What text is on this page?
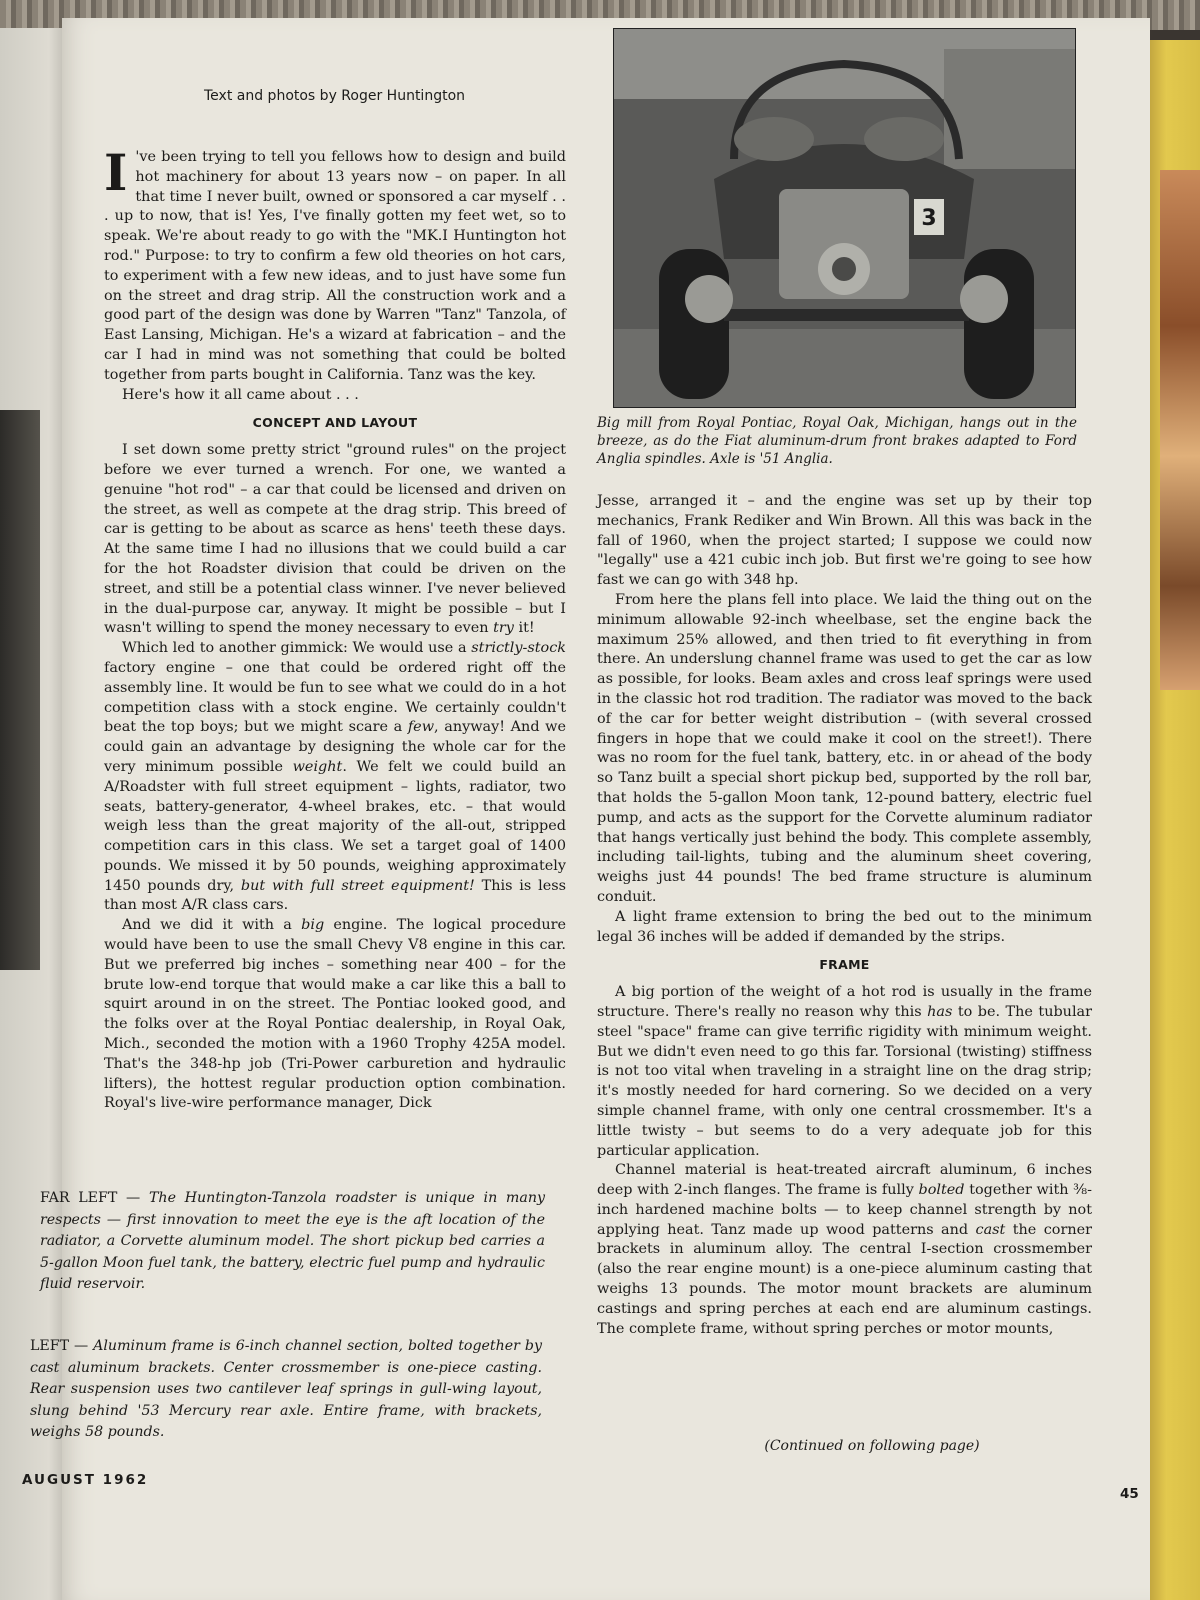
Text and photos by Roger Huntington

I 've been trying to tell you fellows how to design and build hot machinery for about 13 years now – on paper. In all that time I never built, owned or sponsored a car myself . . . up to now, that is! Yes, I've finally gotten my feet wet, so to speak. We're about ready to go with the "MK.I Huntington hot rod." Purpose: to try to confirm a few old theories on hot cars, to experiment with a few new ideas, and to just have some fun on the street and drag strip. All the construction work and a good part of the design was done by Warren "Tanz" Tanzola, of East Lansing, Michigan. He's a wizard at fabrication – and the car I had in mind was not something that could be bolted together from parts bought in California. Tanz was the key.

Here's how it all came about . . .

CONCEPT AND LAYOUT

I set down some pretty strict "ground rules" on the project before we ever turned a wrench. For one, we wanted a genuine "hot rod" – a car that could be licensed and driven on the street, as well as compete at the drag strip. This breed of car is getting to be about as scarce as hens' teeth these days. At the same time I had no illusions that we could build a car for the hot Roadster division that could be driven on the street, and still be a potential class winner. I've never believed in the dual-purpose car, anyway. It might be possible – but I wasn't willing to spend the money necessary to even try it!

Which led to another gimmick: We would use a strictly-stock factory engine – one that could be ordered right off the assembly line. It would be fun to see what we could do in a hot competition class with a stock engine. We certainly couldn't beat the top boys; but we might scare a few, anyway! And we could gain an advantage by designing the whole car for the very minimum possible weight. We felt we could build an A/Roadster with full street equipment – lights, radiator, two seats, battery-generator, 4-wheel brakes, etc. – that would weigh less than the great majority of the all-out, stripped competition cars in this class. We set a target goal of 1400 pounds. We missed it by 50 pounds, weighing approximately 1450 pounds dry, but with full street equipment! This is less than most A/R class cars.

And we did it with a big engine. The logical procedure would have been to use the small Chevy V8 engine in this car. But we preferred big inches – something near 400 – for the brute low-end torque that would make a car like this a ball to squirt around in on the street. The Pontiac looked good, and the folks over at the Royal Pontiac dealership, in Royal Oak, Mich., seconded the motion with a 1960 Trophy 425A model. That's the 348-hp job (Tri-Power carburetion and hydraulic lifters), the hottest regular production option combination. Royal's live-wire performance manager, Dick

3
Big mill from Royal Pontiac, Royal Oak, Michigan, hangs out in the breeze, as do the Fiat aluminum-drum front brakes adapted to Ford Anglia spindles. Axle is '51 Anglia.

Jesse, arranged it – and the engine was set up by their top mechanics, Frank Rediker and Win Brown. All this was back in the fall of 1960, when the project started; I suppose we could now "legally" use a 421 cubic inch job. But first we're going to see how fast we can go with 348 hp.

From here the plans fell into place. We laid the thing out on the minimum allowable 92-inch wheelbase, set the engine back the maximum 25% allowed, and then tried to fit everything in from there. An underslung channel frame was used to get the car as low as possible, for looks. Beam axles and cross leaf springs were used in the classic hot rod tradition. The radiator was moved to the back of the car for better weight distribution – (with several crossed fingers in hope that we could make it cool on the street!). There was no room for the fuel tank, battery, etc. in or ahead of the body so Tanz built a special short pickup bed, supported by the roll bar, that holds the 5-gallon Moon tank, 12-pound battery, electric fuel pump, and acts as the support for the Corvette aluminum radiator that hangs vertically just behind the body. This complete assembly, including tail-lights, tubing and the aluminum sheet covering, weighs just 44 pounds! The bed frame structure is aluminum conduit.

A light frame extension to bring the bed out to the minimum legal 36 inches will be added if demanded by the strips.

FRAME

A big portion of the weight of a hot rod is usually in the frame structure. There's really no reason why this has to be. The tubular steel "space" frame can give terrific rigidity with minimum weight. But we didn't even need to go this far. Torsional (twisting) stiffness is not too vital when traveling in a straight line on the drag strip; it's mostly needed for hard cornering. So we decided on a very simple channel frame, with only one central crossmember. It's a little twisty – but seems to do a very adequate job for this particular application.

Channel material is heat-treated aircraft aluminum, 6 inches deep with 2-inch flanges. The frame is fully bolted together with ⅜-inch hardened machine bolts — to keep channel strength by not applying heat. Tanz made up wood patterns and cast the corner brackets in aluminum alloy. The central I-section crossmember (also the rear engine mount) is a one-piece aluminum casting that weighs 13 pounds. The motor mount brackets are aluminum castings and spring perches at each end are aluminum castings. The complete frame, without spring perches or motor mounts,

(Continued on following page)
FAR LEFT — The Huntington-Tanzola roadster is unique in many respects — first innovation to meet the eye is the aft location of the radiator, a Corvette aluminum model. The short pickup bed carries a 5-gallon Moon fuel tank, the battery, electric fuel pump and hydraulic fluid reservoir.
LEFT — Aluminum frame is 6-inch channel section, bolted together by cast aluminum brackets. Center crossmember is one-piece casting. Rear suspension uses two cantilever leaf springs in gull-wing layout, slung behind '53 Mercury rear axle. Entire frame, with brackets, weighs 58 pounds.
AUGUST 1962
45
